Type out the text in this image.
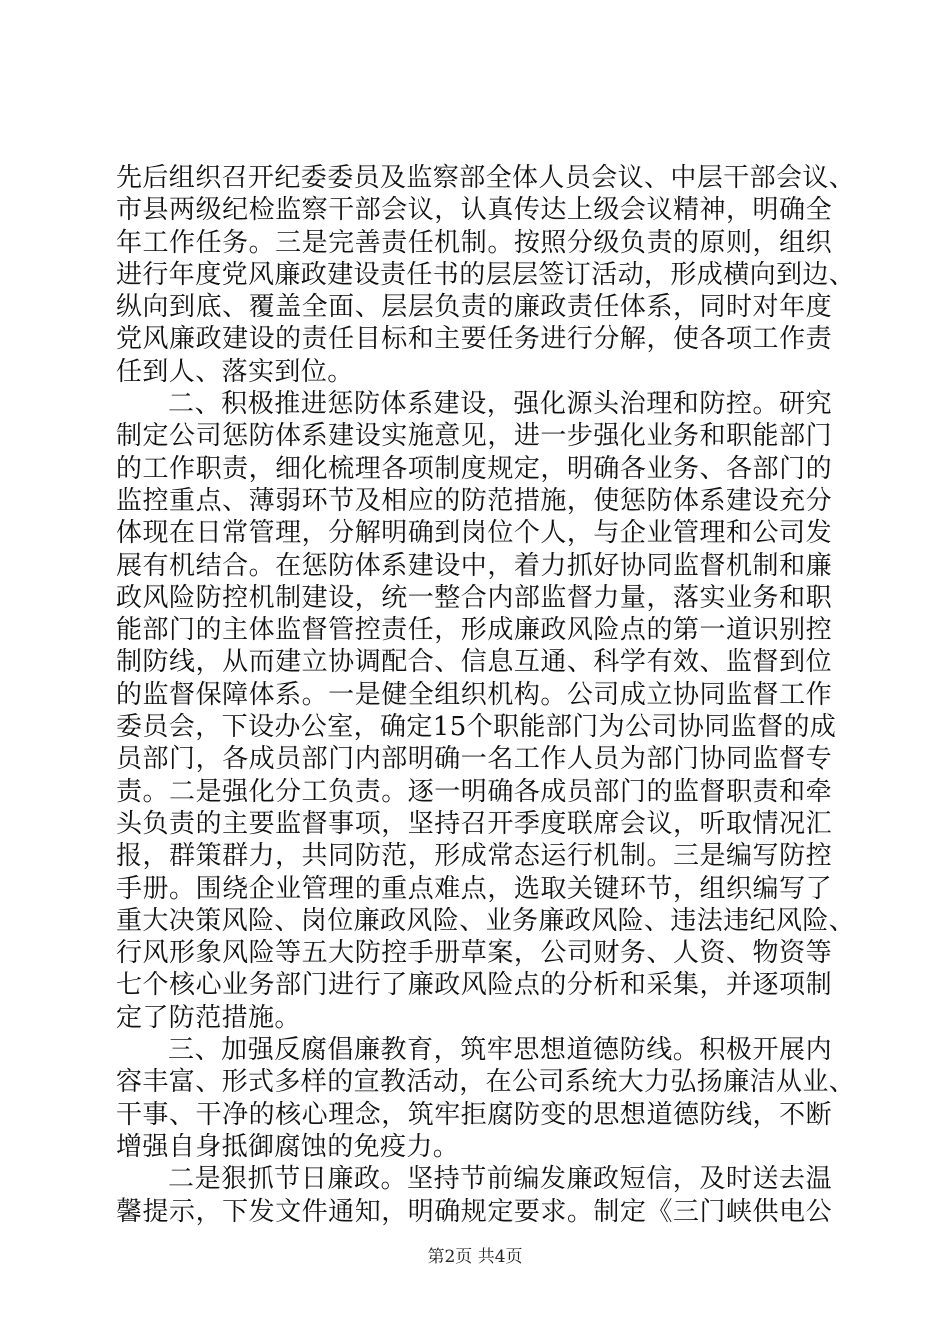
先后组织召开纪委委员及监察部全体人员会议、中层干部会议、
市县两级纪检监察干部会议，认真传达上级会议精神，明确全
年工作任务。三是完善责任机制。按照分级负责的原则，组织
进行年度党风廉政建设责任书的层层签订活动，形成横向到边、
纵向到底、覆盖全面、层层负责的廉政责任体系，同时对年度
党风廉政建设的责任目标和主要任务进行分解，使各项工作责
任到人、落实到位。
二、积极推进惩防体系建设，强化源头治理和防控。研究
制定公司惩防体系建设实施意见，进一步强化业务和职能部门
的工作职责，细化梳理各项制度规定，明确各业务、各部门的
监控重点、薄弱环节及相应的防范措施，使惩防体系建设充分
体现在日常管理，分解明确到岗位个人，与企业管理和公司发
展有机结合。在惩防体系建设中，着力抓好协同监督机制和廉
政风险防控机制建设，统一整合内部监督力量，落实业务和职
能部门的主体监督管控责任，形成廉政风险点的第一道识别控
制防线，从而建立协调配合、信息互通、科学有效、监督到位
的监督保障体系。一是健全组织机构。公司成立协同监督工作
委员会，下设办公室，确定15个职能部门为公司协同监督的成
员部门，各成员部门内部明确一名工作人员为部门协同监督专
责。二是强化分工负责。逐一明确各成员部门的监督职责和牵
头负责的主要监督事项，坚持召开季度联席会议，听取情况汇
报，群策群力，共同防范，形成常态运行机制。三是编写防控
手册。围绕企业管理的重点难点，选取关键环节，组织编写了
重大决策风险、岗位廉政风险、业务廉政风险、违法违纪风险、
行风形象风险等五大防控手册草案，公司财务、人资、物资等
七个核心业务部门进行了廉政风险点的分析和采集，并逐项制
定了防范措施。
三、加强反腐倡廉教育，筑牢思想道德防线。积极开展内
容丰富、形式多样的宣教活动，在公司系统大力弘扬廉洁从业、
干事、干净的核心理念，筑牢拒腐防变的思想道德防线，不断
增强自身抵御腐蚀的免疫力。
二是狠抓节日廉政。坚持节前编发廉政短信，及时送去温
馨提示，下发文件通知，明确规定要求。制定《三门峡供电公
第2页 共4页
